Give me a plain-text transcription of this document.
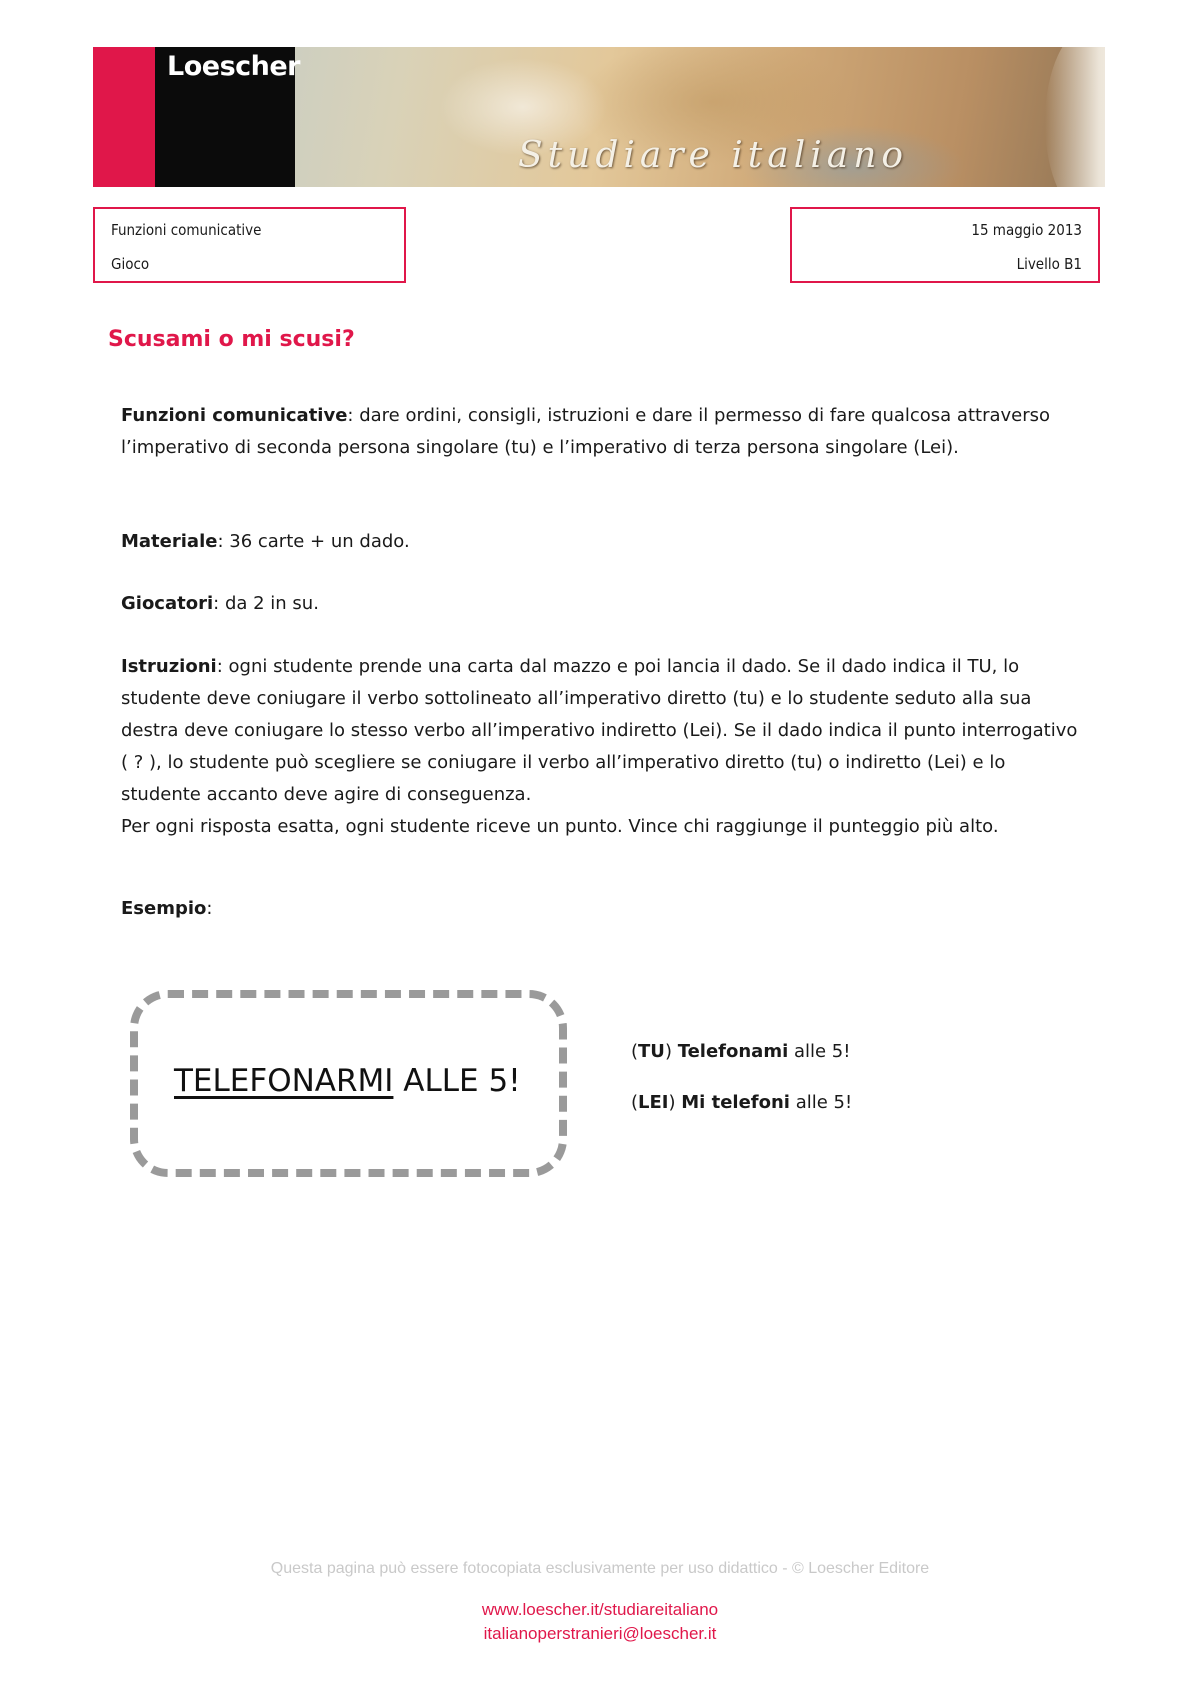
Loescher
Studiare italiano
Funzioni comunicative
Gioco
15 maggio 2013
Livello B1
Scusami o mi scusi?

Funzioni comunicative: dare ordini, consigli, istruzioni e dare il permesso di fare qualcosa attraverso l’imperativo di seconda persona singolare (tu) e l’imperativo di terza persona singolare (Lei).

Materiale: 36 carte + un dado.

Giocatori: da 2 in su.

Istruzioni: ogni studente prende una carta dal mazzo e poi lancia il dado. Se il dado indica il TU, lo studente deve coniugare il verbo sottolineato all’imperativo diretto (tu) e lo studente seduto alla sua destra deve coniugare lo stesso verbo all’imperativo indiretto (Lei). Se il dado indica il punto interrogativo ( ? ), lo studente può scegliere se coniugare il verbo all’imperativo diretto (tu) o indiretto (Lei) e lo studente accanto deve agire di conseguenza.
Per ogni risposta esatta, ogni studente riceve un punto. Vince chi raggiunge il punteggio più alto.

Esempio:

TELEFONARMI ALLE 5!
(TU) Telefonami alle 5!
(LEI) Mi telefoni alle 5!
Questa pagina può essere fotocopiata esclusivamente per uso didattico - © Loescher Editore
www.loescher.it/studiareitaliano
italianoperstranieri@loescher.it
